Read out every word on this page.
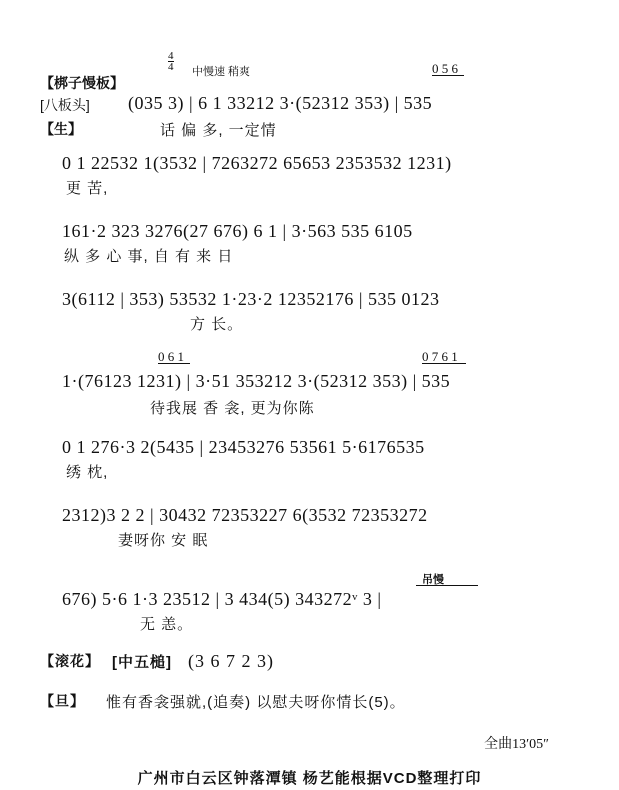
4
4 中慢速 稍爽	0 5 6
【梆子慢板】
[八板头] (035 3) | 6 1 33212 3·(52312 353) | 535
【生】	话 偏 多, 一定情
0 1 22532 1(3532 | 7263272 65653 2353532 1231)
更 苦,
161·2 323 3276(27 676) 6 1 | 3·563 535 6105
纵 多 心 事, 自 有 来 日
3(6112 | 353) 53532 1·23·2 12352176 | 535 0123
方 长。
0 6 1	0 7 6 1
1·(76123 1231) | 3·51 353212 3·(52312 353) | 535
待我展 香 衾, 更为你陈
0 1 276·3 2(5435 | 23453276 53561 5·6176535
绣 枕,
2312)3 2 2 | 30432 72353227 6(3532 72353272
妻呀你 安 眠
吊慢
676) 5·6 1·3 23512 | 3 434(5) 343272ᵛ 3 |
无 恙。
【滚花】 [中五槌] (3 6 7 2 3)
【旦】 惟有香衾强就,(追奏) 以慰夫呀你情长(5)。
全曲13′05″
广州市白云区钟落潭镇 杨艺能根据VCD整理打印
